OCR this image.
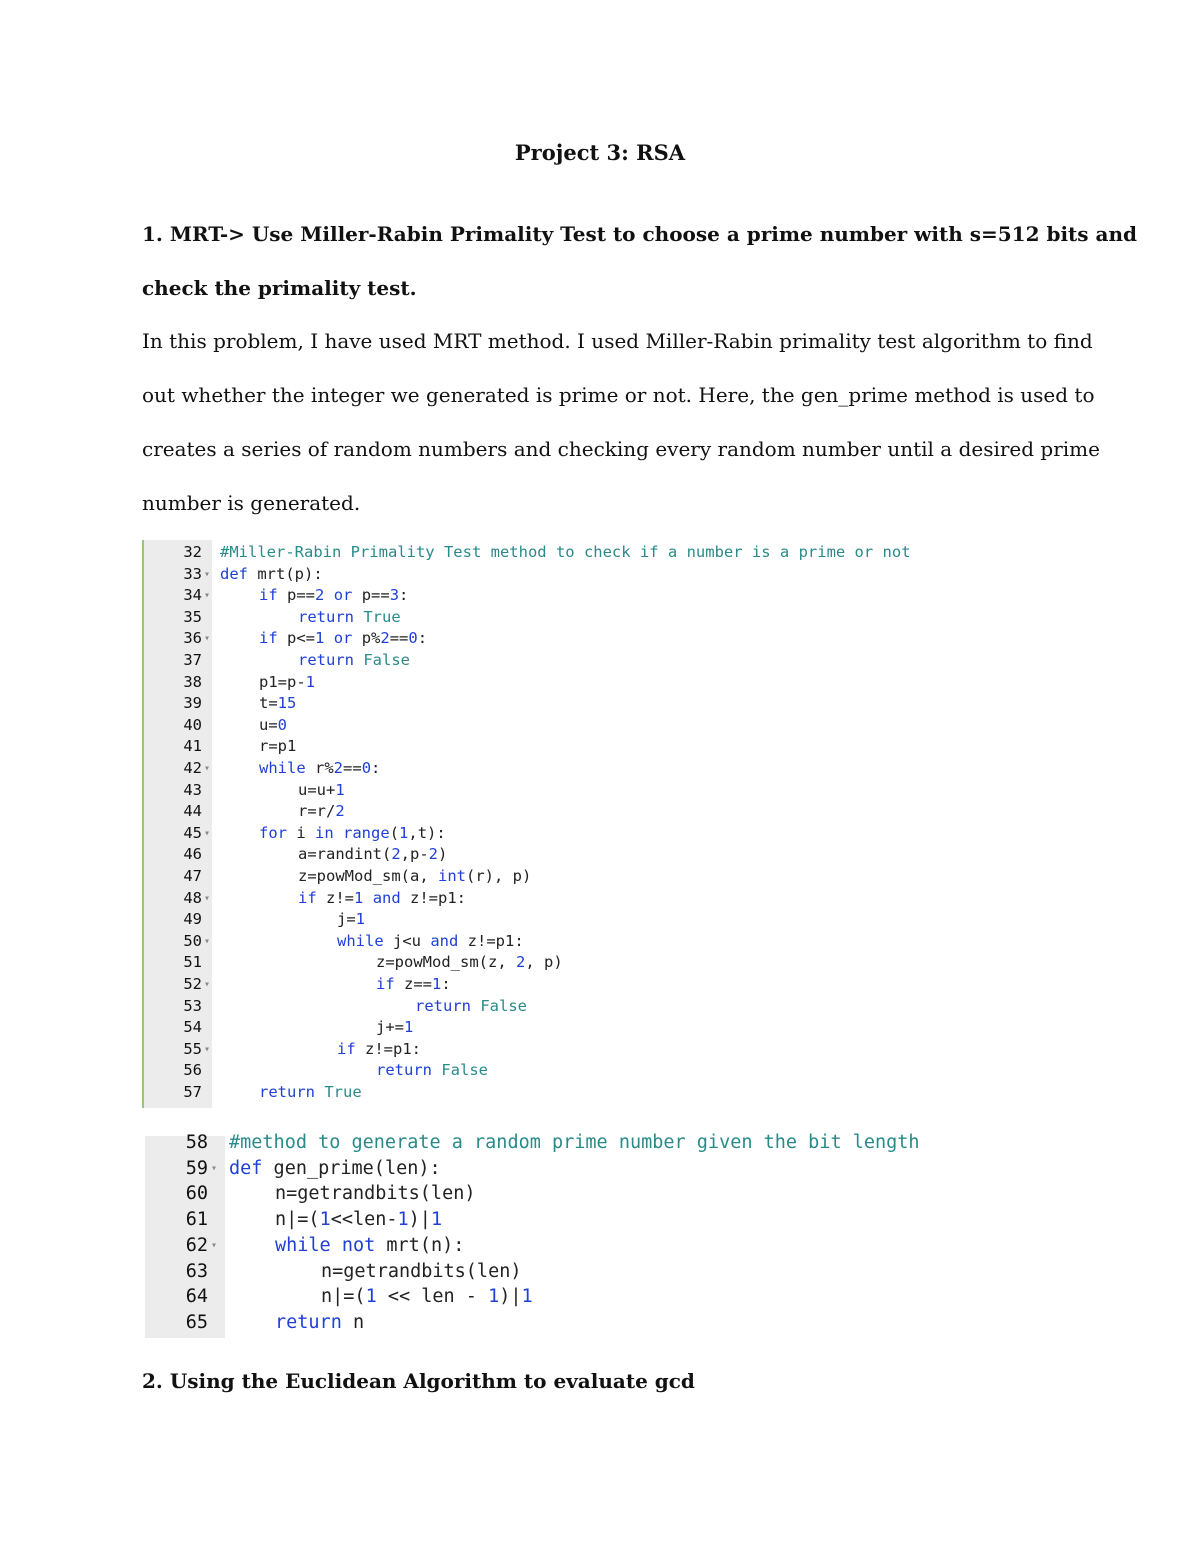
Project 3: RSA
1. MRT-> Use Miller-Rabin Primality Test to choose a prime number with s=512 bits and
check the primality test.
In this problem, I have used MRT method. I used Miller-Rabin primality test algorithm to find
out whether the integer we generated is prime or not. Here, the gen_prime method is used to
creates a series of random numbers and checking every random number until a desired prime
number is generated.
32 #Miller-Rabin Primality Test method to check if a number is a prime or not
33 ▾ def mrt(p):
34 ▾	if p==2 or p==3:
35	return True
36 ▾	if p<=1 or p%2==0:
37	return False
38	p1=p-1
39	t=15
40	u=0
41	r=p1
42 ▾	while r%2==0:
43	u=u+1
44	r=r/2
45 ▾	for i in range(1,t):
46	a=randint(2,p-2)
47	z=powMod_sm(a, int(r), p)
48 ▾	if z!=1 and z!=p1:
49	j=1
50 ▾	while j<u and z!=p1:
51	z=powMod_sm(z, 2, p)
52 ▾	if z==1:
53	return False
54	j+=1
55 ▾	if z!=p1:
56	return False
57	return True
58 #method to generate a random prime number given the bit length
59 ▾ def gen_prime(len):
60	n=getrandbits(len)
61	n|=(1<<len-1)|1
62 ▾	while not mrt(n):
63	n=getrandbits(len)
64	n|=(1 << len - 1)|1
65	return n
2. Using the Euclidean Algorithm to evaluate gcd
